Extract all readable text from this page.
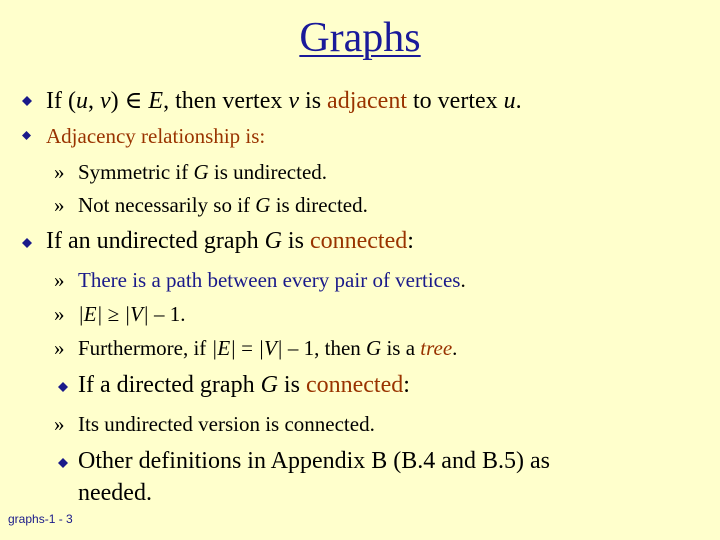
Graphs
If (u, v) ∈ E, then vertex v is adjacent to vertex u.
Adjacency relationship is:
» Symmetric if G is undirected.
» Not necessarily so if G is directed.
If an undirected graph G is connected:
» There is a path between every pair of vertices.
» |E| ≥ |V| – 1.
» Furthermore, if |E| = |V| – 1, then G is a tree.
If a directed graph G is connected:
» Its undirected version is connected.
Other definitions in Appendix B (B.4 and B.5) as
needed.
graphs-1 - 3
